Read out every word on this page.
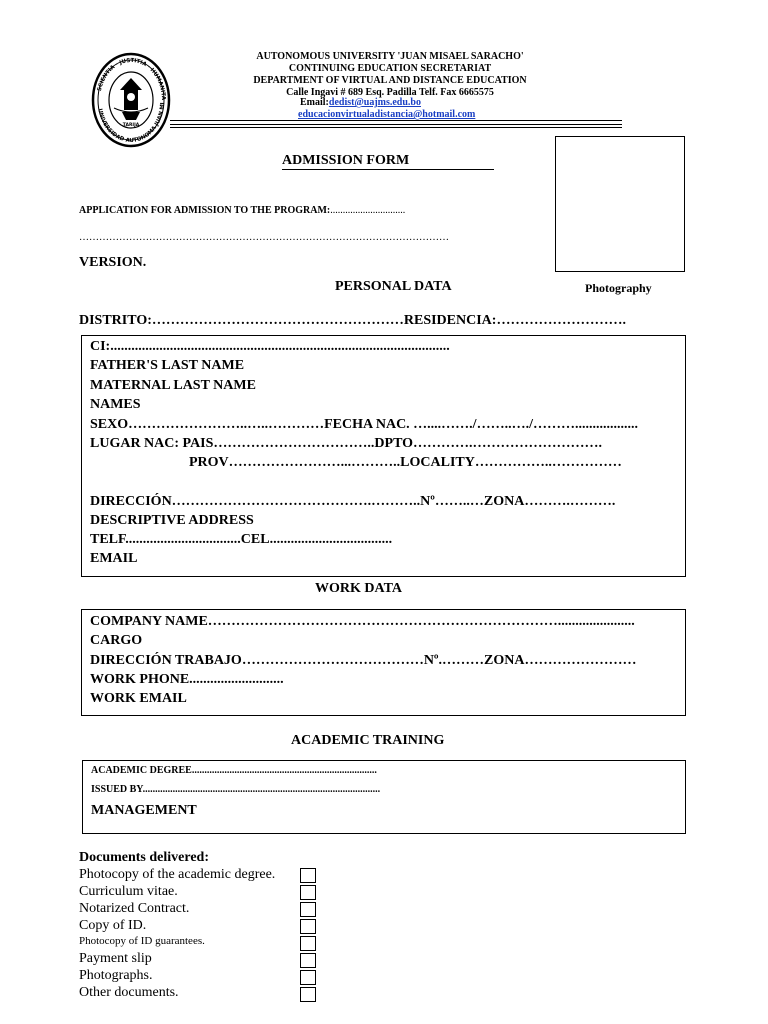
AUTONOMOUS UNIVERSITY 'JUAN MISAEL SARACHO'
CONTINUING EDUCATION SECRETARIAT
DEPARTMENT OF VIRTUAL AND DISTANCE EDUCATION
Calle Ingavi # 689 Esq. Padilla Telf. Fax 6665575
Email:dedist@uajms.edu.bo
educacionvirtualadistancia@hotmail.com
SCIENTIA · JUSTITIA · HUMANITA
UNIVERSIDAD AUTONOMA JUAN MI
TARIJA
Photography
ADMISSION FORM
APPLICATION FOR ADMISSION TO THE PROGRAM:..............................
…………………………………………………………………………………………………
VERSION.
PERSONAL DATA
DISTRITO:………………………………………………RESIDENCIA:……………………….
CI:.................................................................................................
FATHER'S LAST NAME
MATERNAL LAST NAME
NAMES
SEXO……………………..…..…………FECHA NAC. …....……./……..…./………..................
LUGAR NAC: PAIS……………………………..DPTO………….……………………….
PROV……………………...………..LOCALITY……………..……………
DIRECCIÓN…………………………………….………..Nº……..…ZONA……….……….
DESCRIPTIVE ADDRESS
TELF.................................CEL...................................
EMAIL
WORK DATA
COMPANY NAME…………………………………………………………………......................
CARGO
DIRECCIÓN TRABAJO…………………………………Nº.………ZONA……………………
WORK PHONE...........................
WORK EMAIL
ACADEMIC TRAINING
ACADEMIC DEGREE..........................................................................
ISSUED BY...............................................................................................
MANAGEMENT
Documents delivered:
Photocopy of the academic degree.
Curriculum vitae.
Notarized Contract.
Copy of ID.
Photocopy of ID guarantees.
Payment slip
Photographs.
Other documents.
